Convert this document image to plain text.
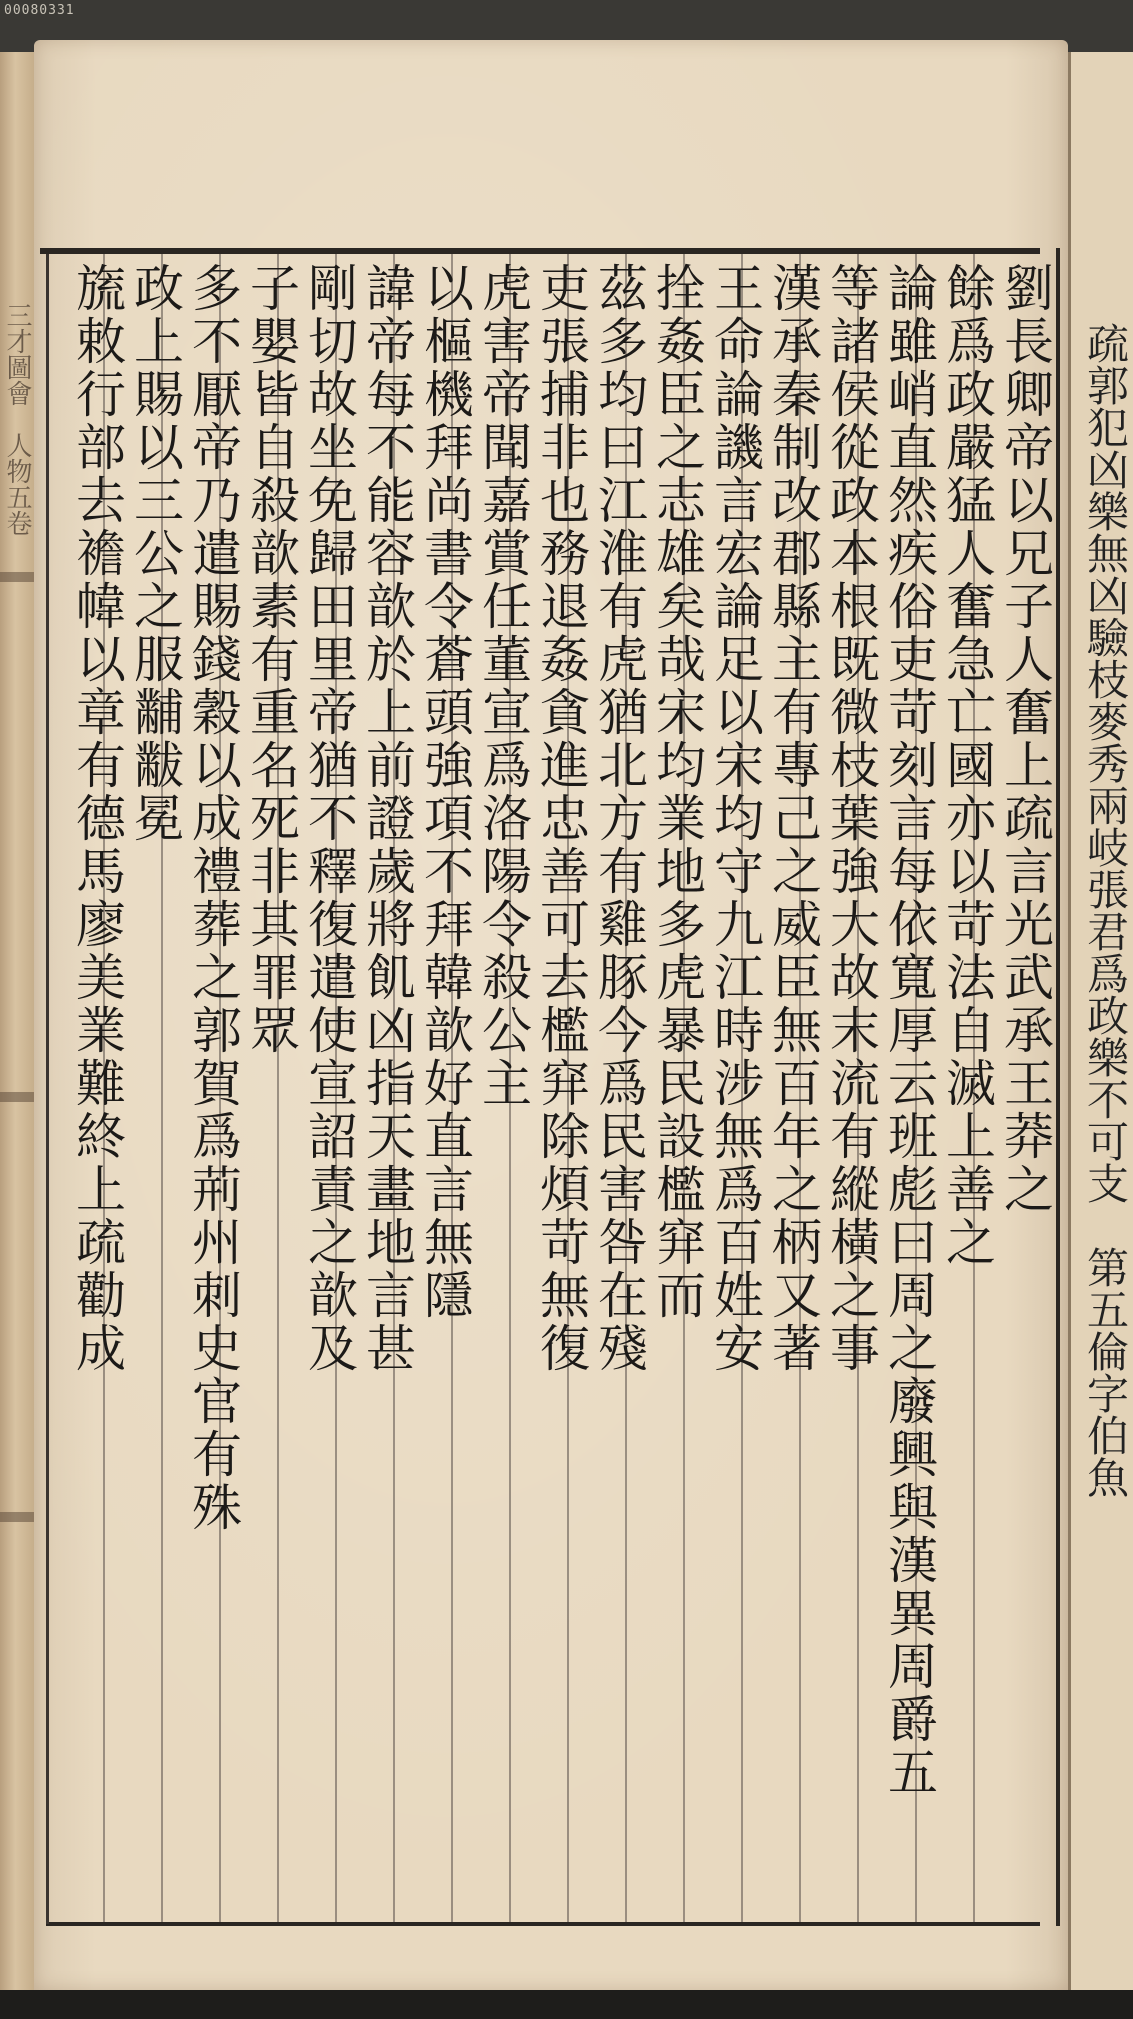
00080331
三才圖會　人物五卷	疏郭犯凶樂無凶驗枝麥秀兩岐張君爲政樂不可支　第五倫字伯魚
劉長卿帝以兄子人奮上疏言光武承王莽之
餘爲政嚴猛人奮急亡國亦以苛法自滅上善之
論雖峭直然疾俗吏苛刻言每依寬厚云班彪曰周之廢興與漢異周爵五
等諸侯從政本根既微枝葉強大故末流有縱橫之事
漢承秦制改郡縣主有專己之威臣無百年之柄又著
王命論譏言宏論足以宋均守九江時涉無爲百姓安
拴姦臣之志雄矣哉宋均業地多虎暴民設檻穽而
茲多均曰江淮有虎猶北方有雞豚今爲民害咎在殘
吏張捕非也務退姦貪進忠善可去檻穽除煩苛無復
虎害帝聞嘉賞任董宣爲洛陽令殺公主
以樞機拜尚書令蒼頭強項不拜韓歆好直言無隱
諱帝每不能容歆於上前證歲將飢凶指天畫地言甚
剛切故坐免歸田里帝猶不釋復遣使宣詔責之歆及
子嬰皆自殺歆素有重名死非其罪眾
多不厭帝乃遣賜錢穀以成禮葬之郭賀爲荊州刺史官有殊
政上賜以三公之服黼黻冕
旒敕行部去襜幃以章有德馬廖美業難終上疏勸成
